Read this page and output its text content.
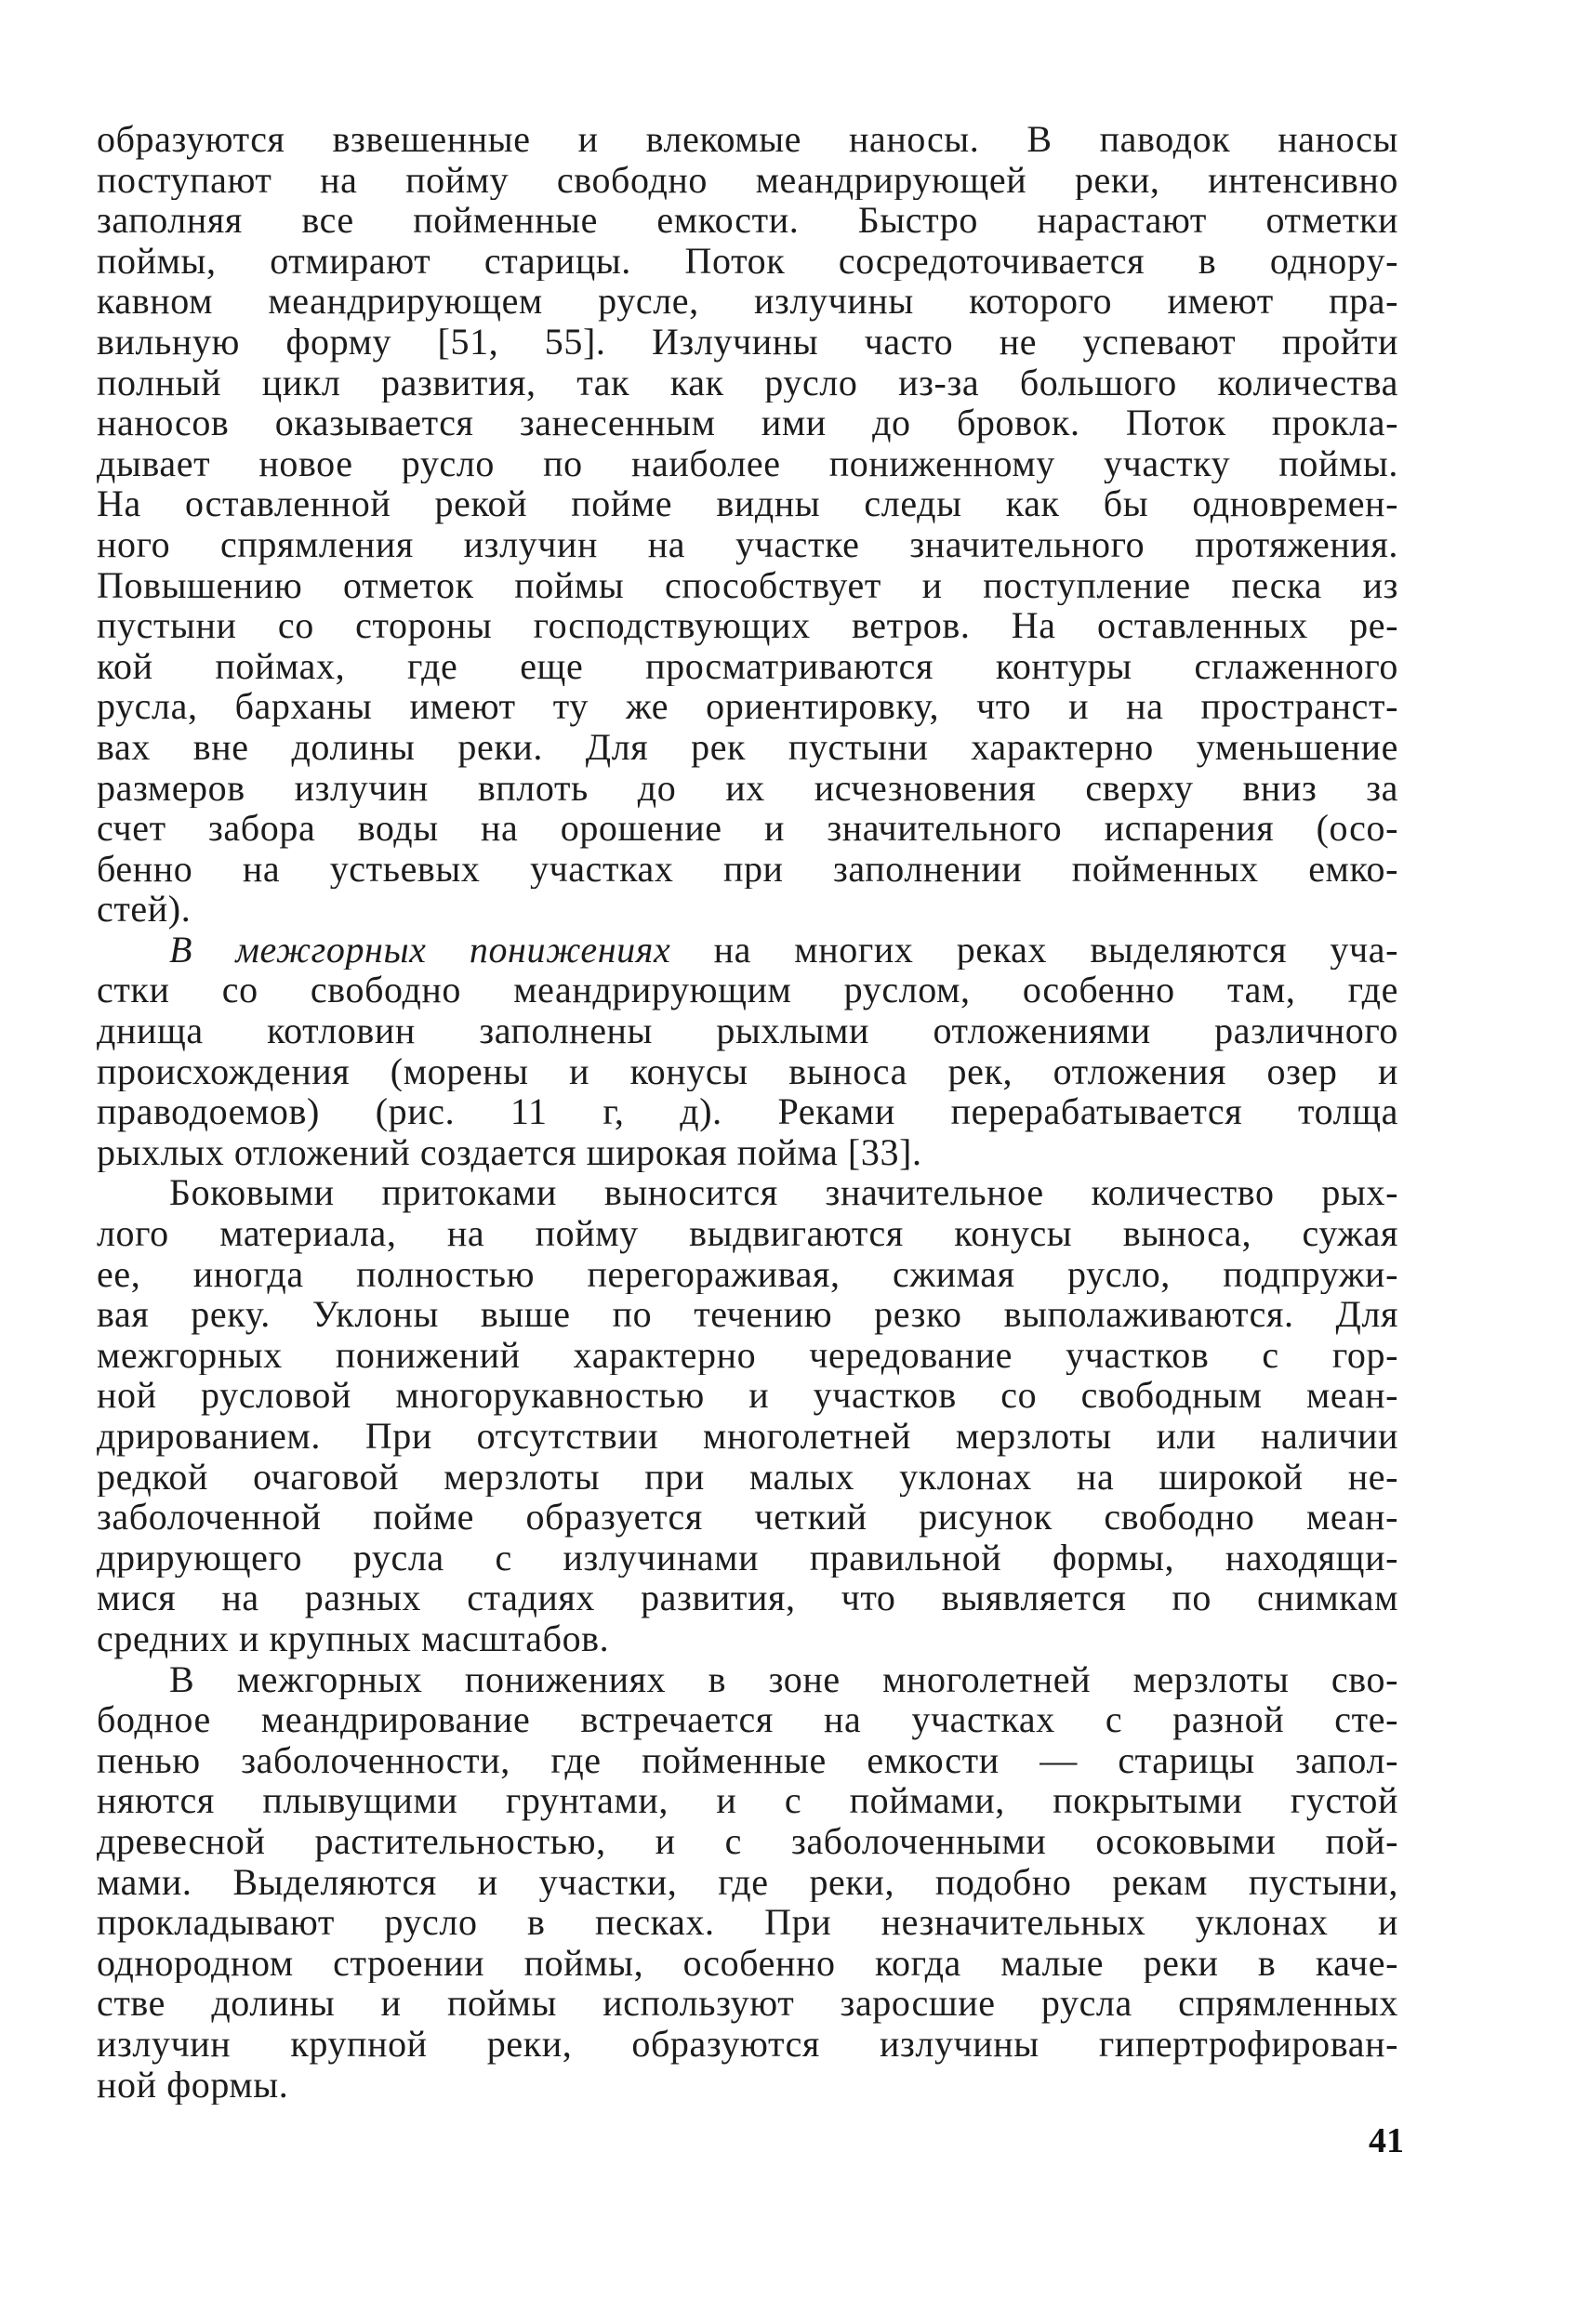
образуются взвешенные и влекомые наносы. В паводок наносы
поступают на пойму свободно меандрирующей реки, интенсивно
заполняя все пойменные емкости. Быстро нарастают отметки
поймы, отмирают старицы. Поток сосредоточивается в одноpу-
кавном меандрирующем русле, излучины которого имеют пра-
вильную форму [51, 55]. Излучины часто не успевают пройти
полный цикл развития, так как русло из-за большого количества
наносов оказывается занесенным ими до бровок. Поток прокла-
дывает новое русло по наиболее пониженному участку поймы.
На оставленной рекой пойме видны следы как бы одновремен-
ного спрямления излучин на участке значительного протяжения.
Повышению отметок поймы способствует и поступление песка из
пустыни со стороны господствующих ветров. На оставленных ре-
кой поймах, где еще просматриваются контуры сглаженного
русла, барханы имеют ту же ориентировку, что и на пространст-
вах вне долины реки. Для рек пустыни характерно уменьшение
размеров излучин вплоть до их исчезновения сверху вниз за
счет забора воды на орошение и значительного испарения (осо-
бенно на устьевых участках при заполнении пойменных емко-
стей).
В межгорных понижениях на многих реках выделяются уча-
стки со свободно меандрирующим руслом, особенно там, где
днища котловин заполнены рыхлыми отложениями различного
происхождения (морены и конусы выноса рек, отложения озер и
праводоемов) (рис. 11 г, д). Реками перерабатывается толща
рыхлых отложений создается широкая пойма [33].
Боковыми притоками выносится значительное количество рых-
лого материала, на пойму выдвигаются конусы выноса, сужая
ее, иногда полностью перегораживая, сжимая русло, подпружи-
вая реку. Уклоны выше по течению резко выполаживаются. Для
межгорных понижений характерно чередование участков с гор-
ной русловой многорукавностью и участков со свободным меан-
дрированием. При отсутствии многолетней мерзлоты или наличии
редкой очаговой мерзлоты при малых уклонах на широкой не-
заболоченной пойме образуется четкий рисунок свободно меан-
дрирующего русла с излучинами правильной формы, находящи-
мися на разных стадиях развития, что выявляется по снимкам
средних и крупных масштабов.
В межгорных понижениях в зоне многолетней мерзлоты сво-
бодное меандрирование встречается на участках с разной сте-
пенью заболоченности, где пойменные емкости — старицы запол-
няются плывущими грунтами, и с поймами, покрытыми густой
древесной растительностью, и с заболоченными осоковыми пой-
мами. Выделяются и участки, где реки, подобно рекам пустыни,
прокладывают русло в песках. При незначительных уклонах и
однородном строении поймы, особенно когда малые реки в каче-
стве долины и поймы используют заросшие русла спрямленных
излучин крупной реки, образуются излучины гипертрофирован-
ной формы.
41
